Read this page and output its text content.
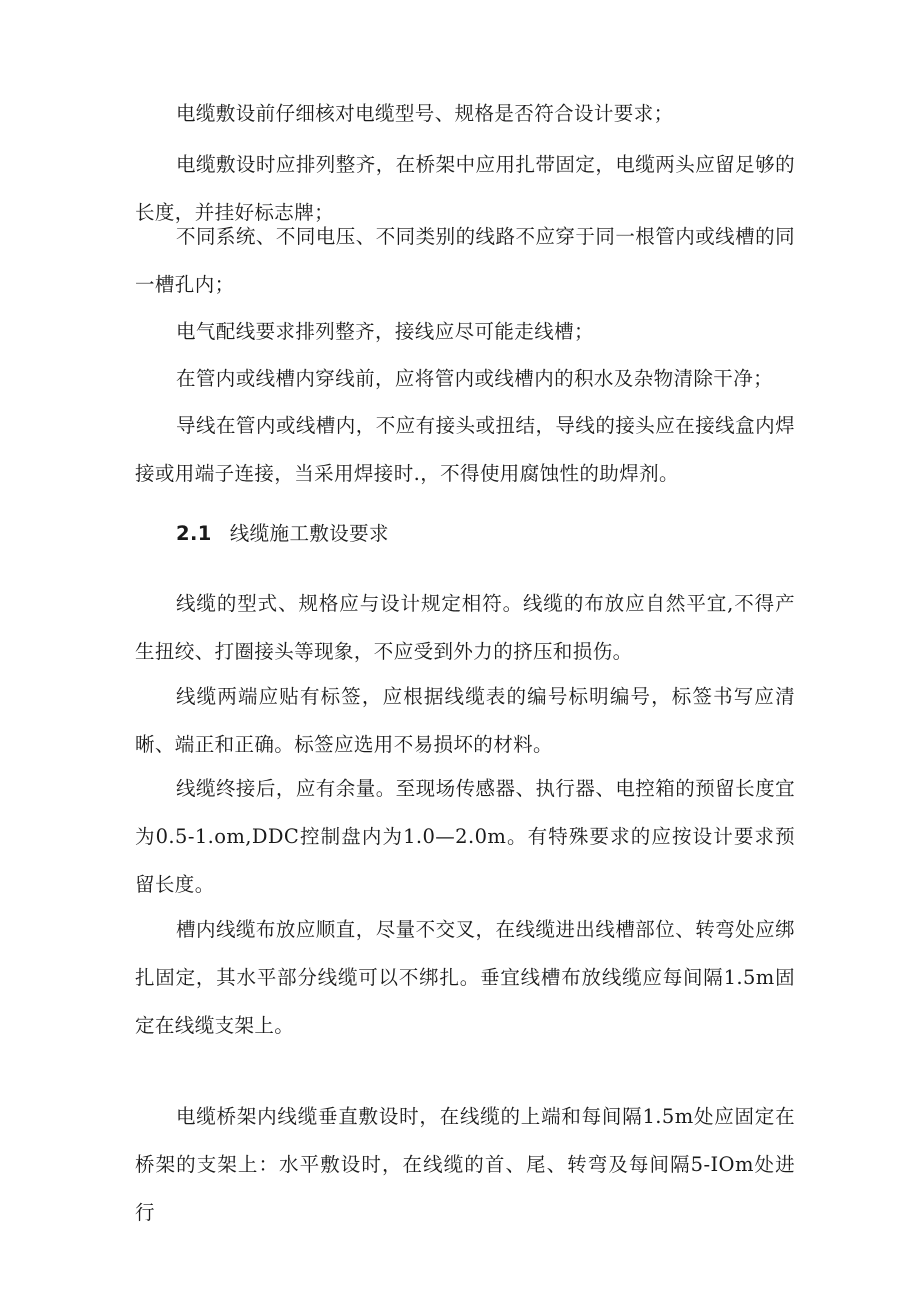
电缆敷设前仔细核对电缆型号、规格是否符合设计要求；

电缆敷设时应排列整齐，在桥架中应用扎带固定，电缆两头应留足够的长度，并挂好标志牌；

不同系统、不同电压、不同类别的线路不应穿于同一根管内或线槽的同一槽孔内；

电气配线要求排列整齐，接线应尽可能走线槽；

在管内或线槽内穿线前，应将管内或线槽内的积水及杂物清除干净；

导线在管内或线槽内，不应有接头或扭结，导线的接头应在接线盒内焊接或用端子连接，当采用焊接时.，不得使用腐蚀性的助焊剂。

2.1 线缆施工敷设要求

线缆的型式、规格应与设计规定相符。线缆的布放应自然平宜,不得产生扭绞、打圈接头等现象，不应受到外力的挤压和损伤。

线缆两端应贴有标签，应根据线缆表的编号标明编号，标签书写应清晰、端正和正确。标签应选用不易损坏的材料。

线缆终接后，应有余量。至现场传感器、执行器、电控箱的预留长度宜为0.5-1.om,DDC控制盘内为1.0—2.0m。有特殊要求的应按设计要求预留长度。

槽内线缆布放应顺直，尽量不交叉，在线缆进出线槽部位、转弯处应绑扎固定，其水平部分线缆可以不绑扎。垂宜线槽布放线缆应每间隔1.5m固定在线缆支架上。

电缆桥架内线缆垂直敷设时，在线缆的上端和每间隔1.5m处应固定在桥架的支架上：水平敷设时，在线缆的首、尾、转弯及每间隔5-IOm处进行
